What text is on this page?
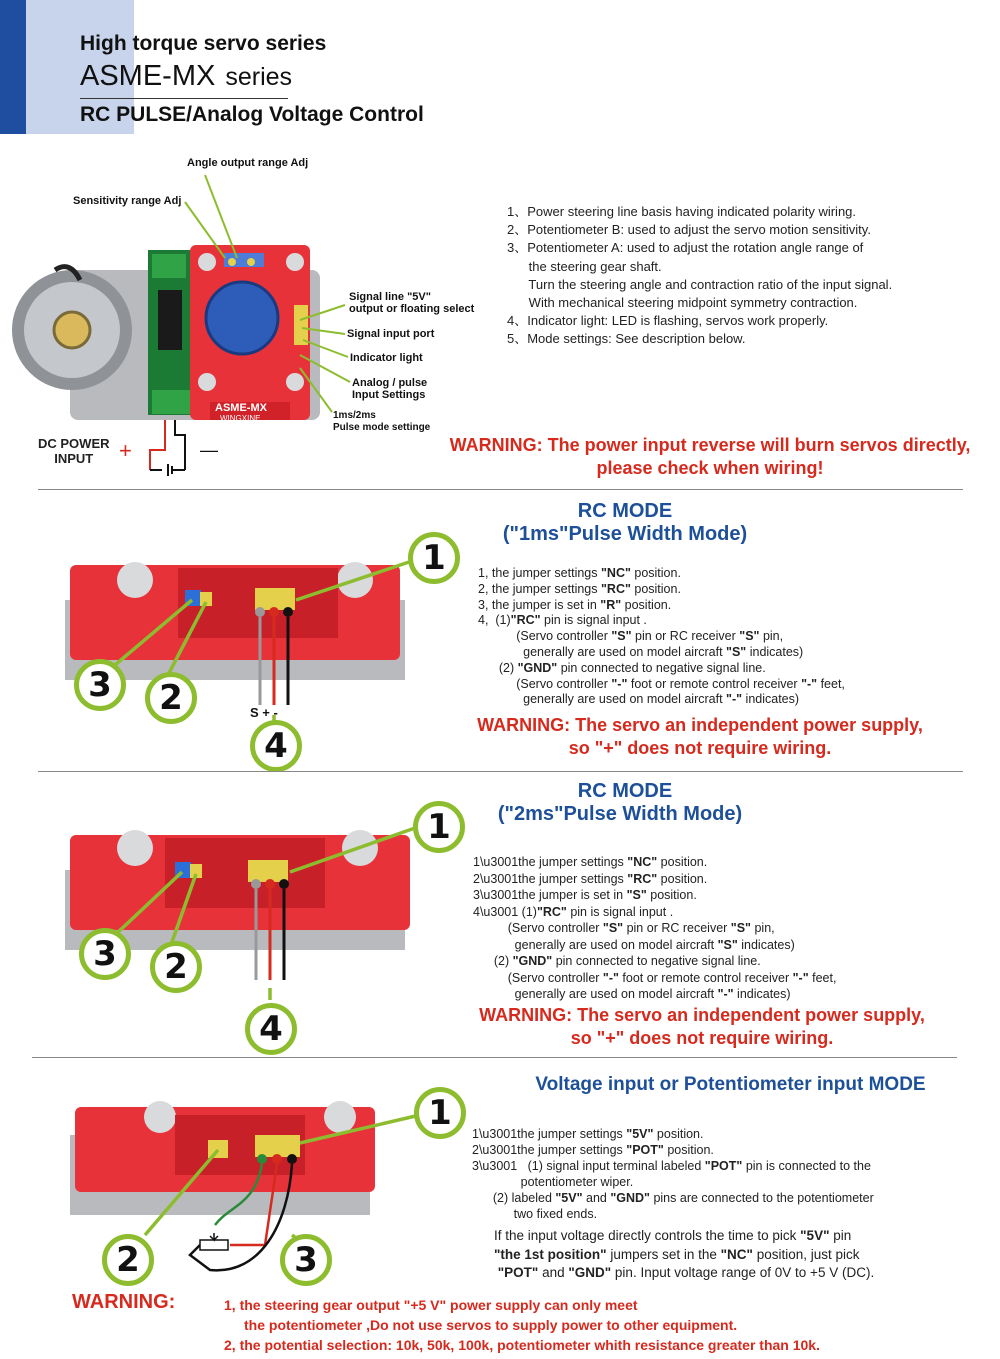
High torque servo series
ASME-MX series
RC PULSE/Analog Voltage Control
ASME-MX
WINGXINE
Angle output range Adj
Sensitivity range Adj
Signal line "5V"
output or floating select
Signal input port
Indicator light
Analog / pulse
Input Settings
1ms/2ms
Pulse mode settinge
DC POWER
INPUT	+	—
1、Power steering line basis having indicated polarity wiring.
2、Potentiometer B: used to adjust the servo motion sensitivity.
3、Potentiometer A: used to adjust the rotation angle range of
the steering gear shaft.
Turn the steering angle and contraction ratio of the input signal.
With mechanical steering midpoint symmetry contraction.
4、Indicator light: LED is flashing, servos work properly.
5、Mode settings: See description below.
WARNING: The power input reverse will burn servos directly,
please check when wiring!
RC MODE
("1ms"Pulse Width Mode)
S + -
1
2
3
4
1, the jumper settings "NC" position.
2, the jumper settings "RC" position.
3, the jumper is set in "R" position.
4,  (1)"RC" pin is signal input .
(Servo controller "S" pin or RC receiver "S" pin,
generally are used on model aircraft "S" indicates)
(2) "GND" pin connected to negative signal line.
(Servo controller "-" foot or remote control receiver "-" feet,
generally are used on model aircraft "-" indicates)
WARNING: The servo an independent power supply,
so "+" does not require wiring.
RC MODE
("2ms"Pulse Width Mode)
1
2
3
4
1\u3001the jumper settings "NC" position.
2\u3001the jumper settings "RC" position.
3\u3001the jumper is set in "S" position.
4\u3001 (1)"RC" pin is signal input .
(Servo controller "S" pin or RC receiver "S" pin,
generally are used on model aircraft "S" indicates)
(2) "GND" pin connected to negative signal line.
(Servo controller "-" foot or remote control receiver "-" feet,
generally are used on model aircraft "-" indicates)
WARNING: The servo an independent power supply,
so "+" does not require wiring.
Voltage input or Potentiometer input MODE
1
2	3
1\u3001the jumper settings "5V" position.
2\u3001the jumper settings "POT" position.
3\u3001   (1) signal input terminal labeled "POT" pin is connected to the
potentiometer wiper.
(2) labeled "5V" and "GND" pins are connected to the potentiometer
two fixed ends.
If the input voltage directly controls the time to pick "5V" pin
"the 1st position" jumpers set in the "NC" position, just pick
"POT" and "GND" pin. Input voltage range of 0V to +5 V (DC).
WARNING:	1, the steering gear output "+5 V" power supply can only meet
the potentiometer ,Do not use servos to supply power to other equipment.
2, the potential selection: 10k, 50k, 100k, potentiometer whith resistance greater than 10k.
